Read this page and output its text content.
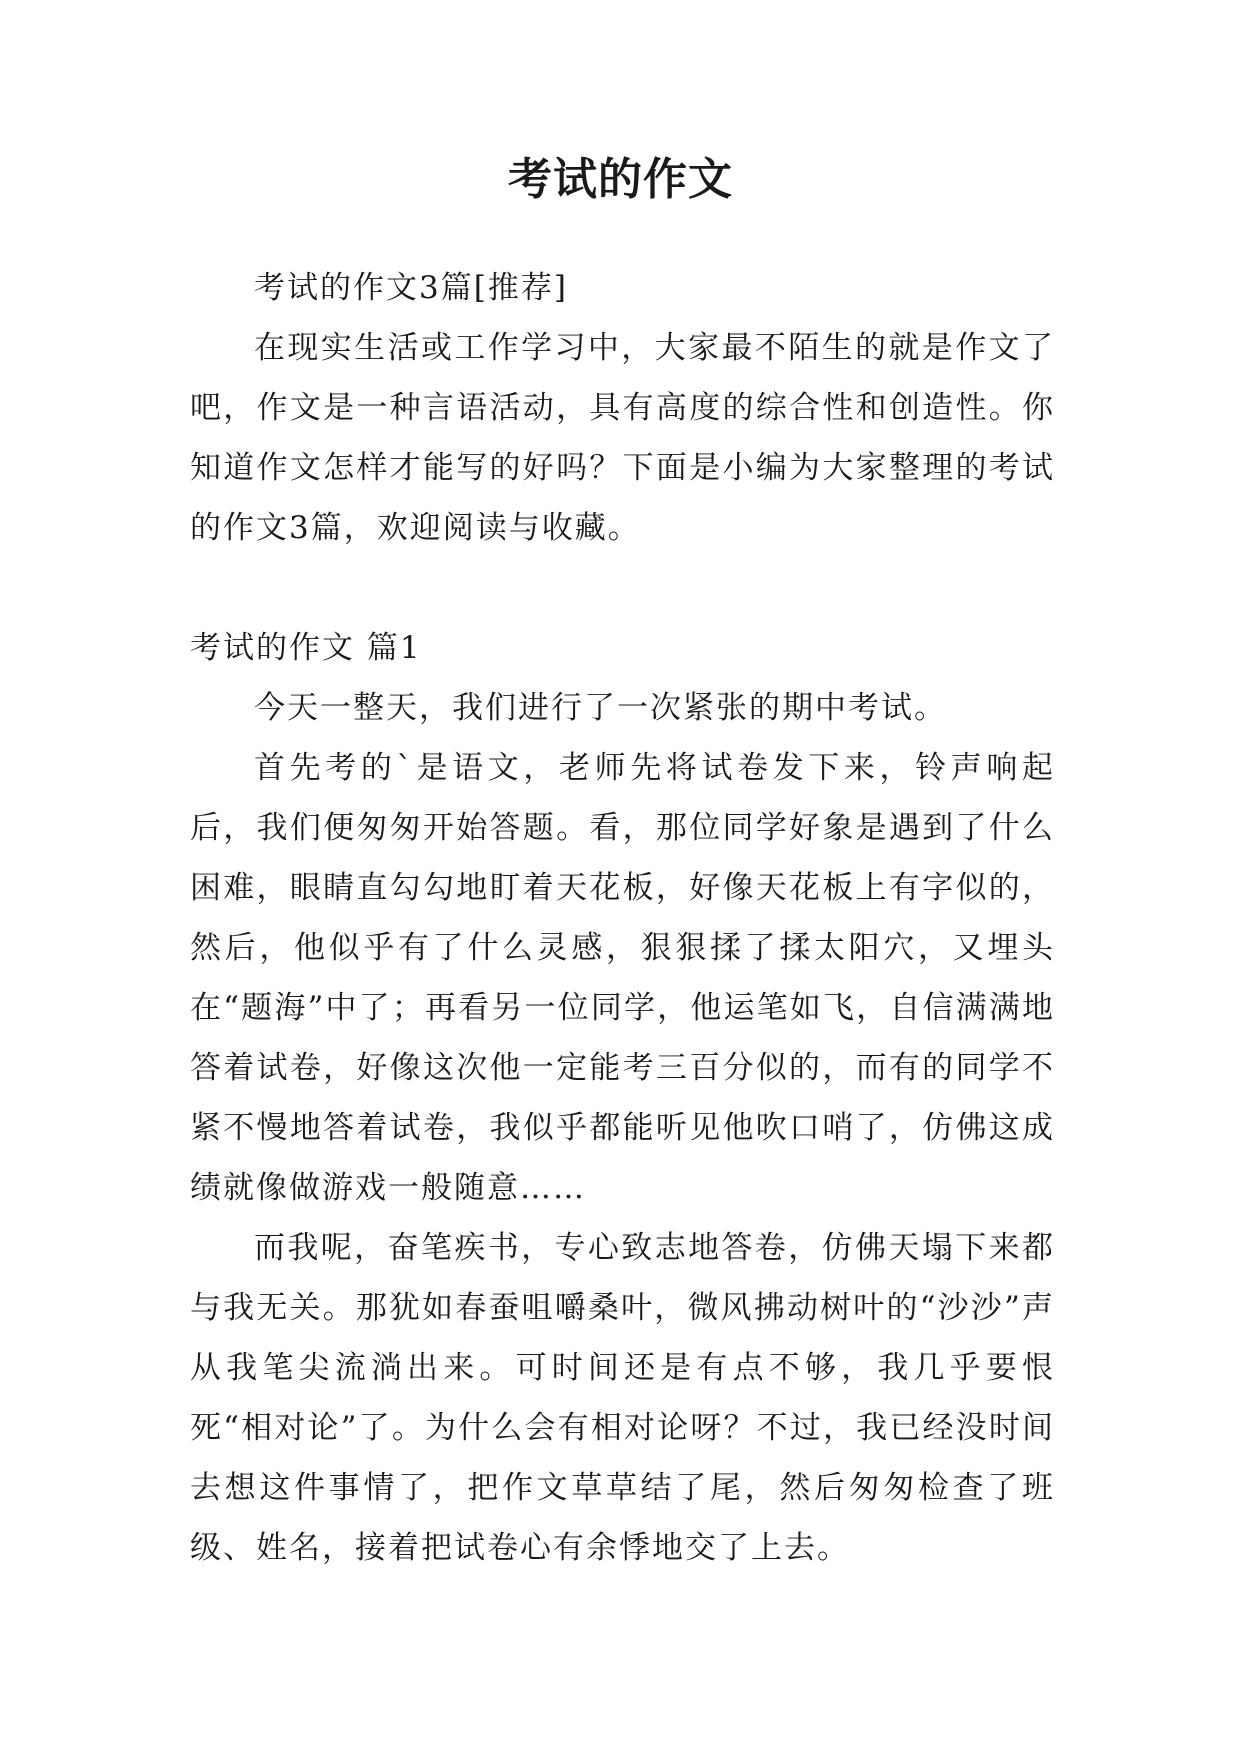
考试的作文

考试的作文3篇[推荐]

在现实生活或工作学习中，大家最不陌生的就是作文了吧，作文是一种言语活动，具有高度的综合性和创造性。你知道作文怎样才能写的好吗？下面是小编为大家整理的考试的作文3篇，欢迎阅读与收藏。

考试的作文 篇1

今天一整天，我们进行了一次紧张的期中考试。

首先考的`是语文，老师先将试卷发下来，铃声响起后，我们便匆匆开始答题。看，那位同学好象是遇到了什么困难，眼睛直勾勾地盯着天花板，好像天花板上有字似的，然后，他似乎有了什么灵感，狠狠揉了揉太阳穴，又埋头在“题海”中了；再看另一位同学，他运笔如飞，自信满满地答着试卷，好像这次他一定能考三百分似的，而有的同学不紧不慢地答着试卷，我似乎都能听见他吹口哨了，仿佛这成绩就像做游戏一般随意……

而我呢，奋笔疾书，专心致志地答卷，仿佛天塌下来都与我无关。那犹如春蚕咀嚼桑叶，微风拂动树叶的“沙沙”声从我笔尖流淌出来。可时间还是有点不够，我几乎要恨死“相对论”了。为什么会有相对论呀？不过，我已经没时间去想这件事情了，把作文草草结了尾，然后匆匆检查了班级、姓名，接着把试卷心有余悸地交了上去。
